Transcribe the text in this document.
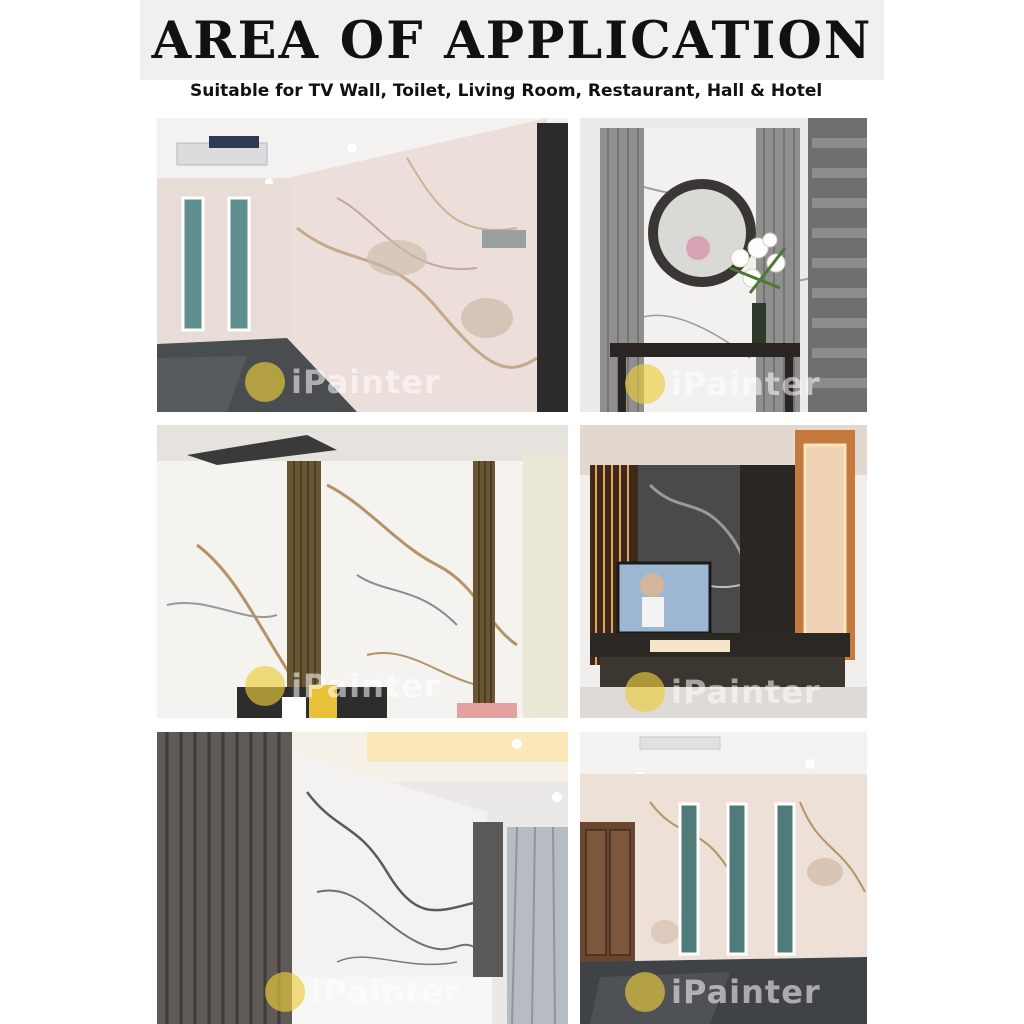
AREA OF APPLICATION
Suitable for TV Wall, Toilet, Living Room, Restaurant, Hall & Hotel
iPainter	iPainter
iPainter	iPainter
iPainter	iPainter
